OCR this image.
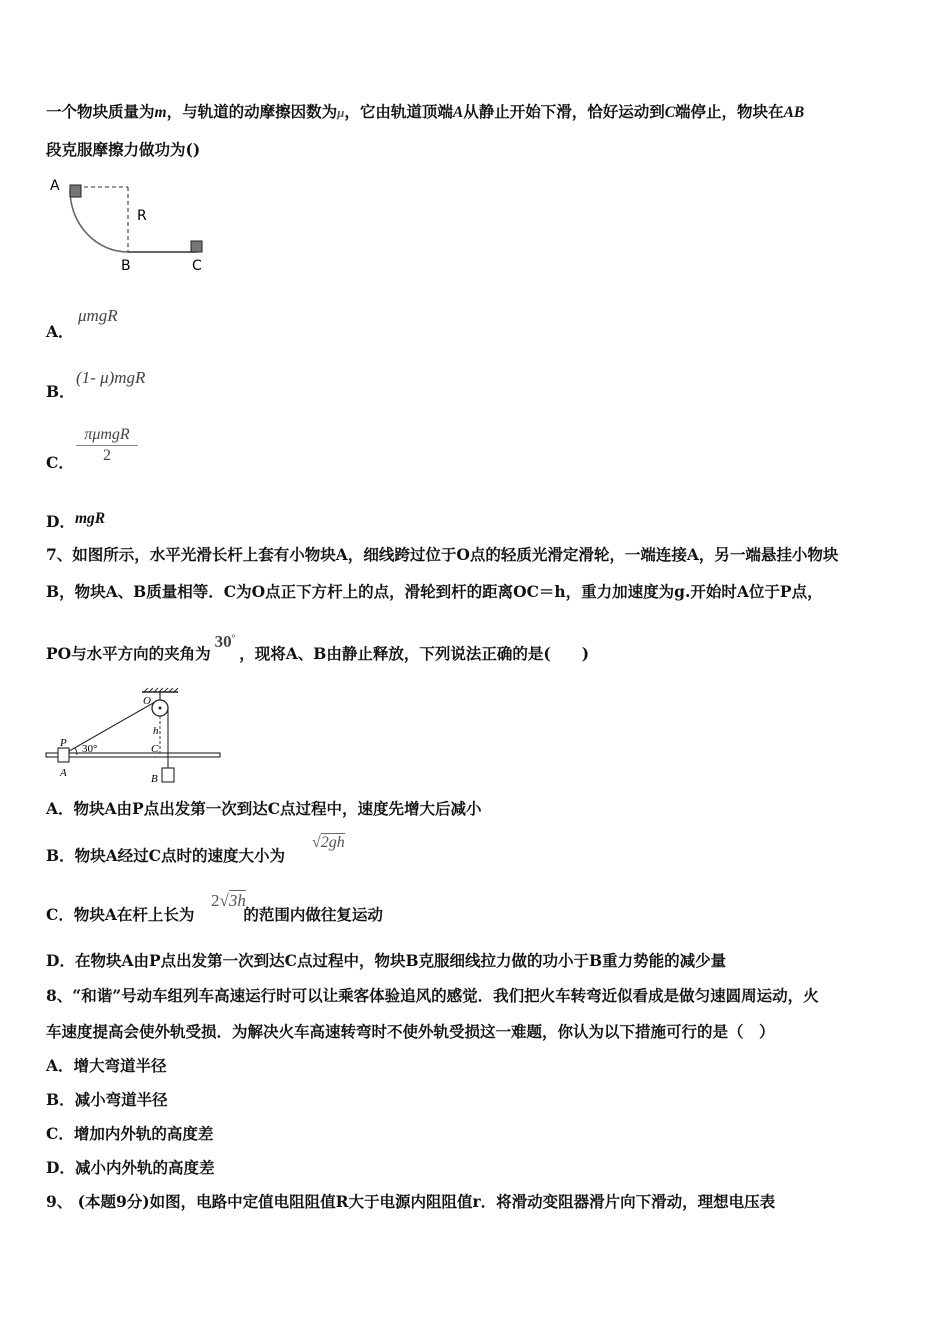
一个物块质量为m，与轨道的动摩擦因数为μ，它由轨道顶端A从静止开始下滑，恰好运动到C端停止，物块在AB
段克服摩擦力做功为()
A
R
B	C
A．
μmgR
B．
(1- μ)mgR
C．
πμmgR
2
D． mgR
7、如图所示，水平光滑长杆上套有小物块A，细线跨过位于O点的轻质光滑定滑轮，一端连接A，另一端悬挂小物块
B，物块A、B质量相等．C为O点正下方杆上的点，滑轮到杆的距离OC＝h，重力加速度为g.开始时A位于P点，
PO与水平方向的夹角为30°，现将A、B由静止释放，下列说法正确的是(　　)
O
P 30°
h
C
A	B
A．物块A由P点出发第一次到达C点过程中，速度先增大后减小
B．物块A经过C点时的速度大小为
√2gh
C．物块A在杆上长为	的范围内做往复运动
2√3h
D．在物块A由P点出发第一次到达C点过程中，物块B克服细线拉力做的功小于B重力势能的减少量
8、“和谐”号动车组列车高速运行时可以让乘客体验追风的感觉．我们把火车转弯近似看成是做匀速圆周运动，火
车速度提高会使外轨受损．为解决火车高速转弯时不使外轨受损这一难题，你认为以下措施可行的是（　）
A．增大弯道半径
B．减小弯道半径
C．增加内外轨的高度差
D．减小内外轨的高度差
9、 (本题9分)如图，电路中定值电阻阻值R大于电源内阻阻值r．将滑动变阻器滑片向下滑动，理想电压表
